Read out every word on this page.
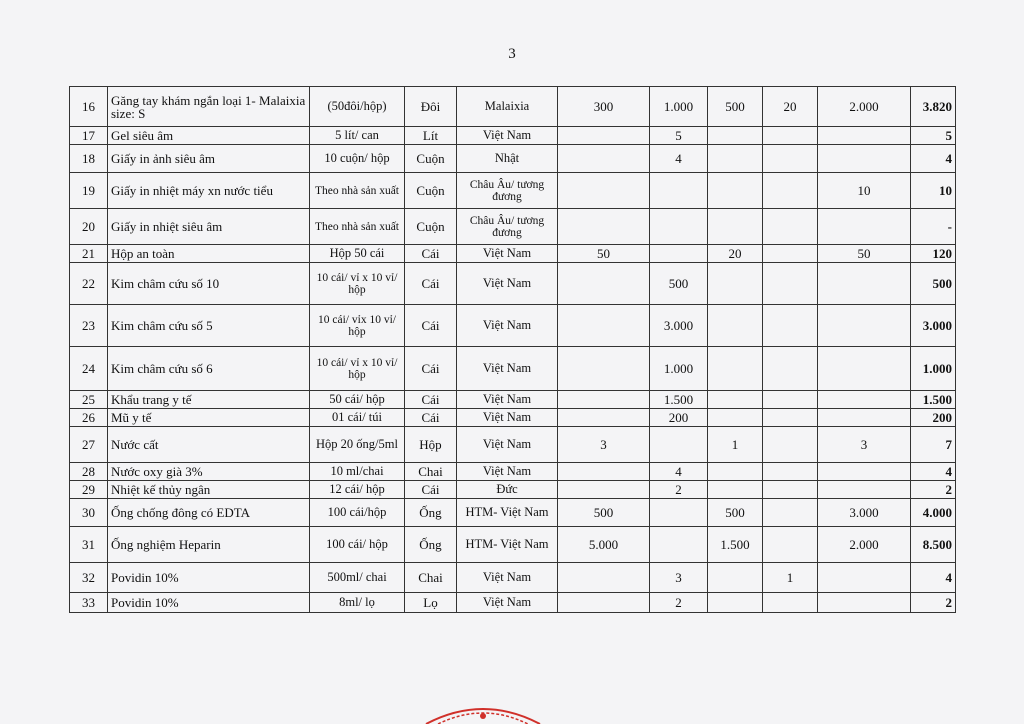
3
16	Găng tay khám ngắn loại 1- Malaixia size: S	(50đôi/hộp)	Đôi	Malaixia	300	1.000	500	20	2.000	3.820
17	Gel siêu âm	5 lít/ can	Lít	Việt Nam		5				5
18	Giấy in ảnh siêu âm	10 cuộn/ hộp	Cuộn	Nhật		4				4
19	Giấy in nhiệt máy xn nước tiểu	Theo nhà sản xuất	Cuộn	Châu Âu/ tương đương					10	10
20	Giấy in nhiệt siêu âm	Theo nhà sản xuất	Cuộn	Châu Âu/ tương đương						-
21	Hộp an toàn	Hộp 50 cái	Cái	Việt Nam	50		20		50	120
22	Kim châm cứu số 10	10 cái/ vỉ x 10 vỉ/ hộp	Cái	Việt Nam		500				500
23	Kim châm cứu số 5	10 cái/ vỉx 10 vỉ/ hộp	Cái	Việt Nam		3.000				3.000
24	Kim châm cứu số 6	10 cái/ vỉ x 10 vỉ/ hộp	Cái	Việt Nam		1.000				1.000
25	Khẩu trang y tế	50 cái/ hộp	Cái	Việt Nam		1.500				1.500
26	Mũ y tế	01 cái/ túi	Cái	Việt Nam		200				200
27	Nước cất	Hộp 20 ống/5ml	Hộp	Việt Nam	3		1		3	7
28	Nước oxy già 3%	10 ml/chai	Chai	Việt Nam		4				4
29	Nhiệt kế thủy ngân	12 cái/ hộp	Cái	Đức		2				2
30	Ống chống đông có EDTA	100 cái/hộp	Ống	HTM- Việt Nam	500		500		3.000	4.000
31	Ống nghiệm Heparin	100 cái/ hộp	Ống	HTM- Việt Nam	5.000		1.500		2.000	8.500
32	Povidin 10%	500ml/ chai	Chai	Việt Nam		3		1		4
33	Povidin 10%	8ml/ lọ	Lọ	Việt Nam		2				2
